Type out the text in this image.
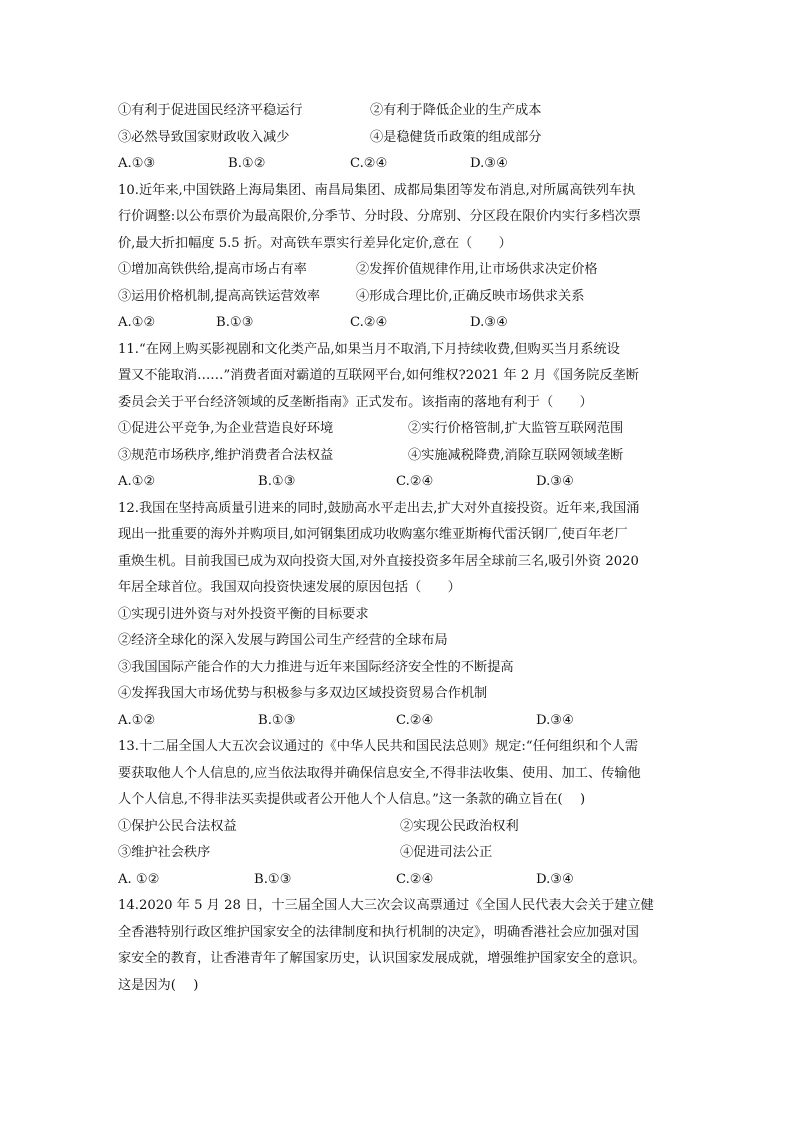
①有利于促进国民经济平稳运行	②有利于降低企业的生产成本
③必然导致国家财政收入减少	④是稳健货币政策的组成部分
A.①③	B.①②	C.②④	D.③④
10.近年来,中国铁路上海局集团、南昌局集团、成都局集团等发布消息,对所属高铁列车执
行价调整:以公布票价为最高限价,分季节、分时段、分席别、分区段在限价内实行多档次票
价,最大折扣幅度 5.5 折。对高铁车票实行差异化定价,意在（　　）
①增加高铁供给,提高市场占有率	②发挥价值规律作用,让市场供求决定价格
③运用价格机制,提高高铁运营效率	④形成合理比价,正确反映市场供求关系
A.①②	B.①③	C.②④	D.③④
11.“在网上购买影视剧和文化类产品,如果当月不取消,下月持续收费,但购买当月系统设
置又不能取消……”消费者面对霸道的互联网平台,如何维权?2021 年 2 月《国务院反垄断
委员会关于平台经济领域的反垄断指南》正式发布。该指南的落地有利于（　　）
①促进公平竞争,为企业营造良好环境	②实行价格管制,扩大监管互联网范围
③规范市场秩序,维护消费者合法权益	④实施减税降费,消除互联网领域垄断
A.①②	B.①③	C.②④	D.③④
12.我国在坚持高质量引进来的同时,鼓励高水平走出去,扩大对外直接投资。近年来,我国涌
现出一批重要的海外并购项目,如河钢集团成功收购塞尔维亚斯梅代雷沃钢厂,使百年老厂
重焕生机。目前我国已成为双向投资大国,对外直接投资多年居全球前三名,吸引外资 2020
年居全球首位。我国双向投资快速发展的原因包括（　　）
①实现引进外资与对外投资平衡的目标要求
②经济全球化的深入发展与跨国公司生产经营的全球布局
③我国国际产能合作的大力推进与近年来国际经济安全性的不断提高
④发挥我国大市场优势与积极参与多双边区域投资贸易合作机制
A.①②	B.①③	C.②④	D.③④
13.十二届全国人大五次会议通过的《中华人民共和国民法总则》规定:“任何组织和个人需
要获取他人个人信息的,应当依法取得并确保信息安全,不得非法收集、使用、加工、传输他
人个人信息,不得非法买卖提供或者公开他人个人信息。”这一条款的确立旨在(　 )
①保护公民合法权益	②实现公民政治权利
③维护社会秩序	④促进司法公正
A. ①②	B.①③	C.②④	D.③④
14.2020 年 5 月 28 日，十三届全国人大三次会议高票通过《全国人民代表大会关于建立健
全香港特别行政区维护国家安全的法律制度和执行机制的决定》，明确香港社会应加强对国
家安全的教育，让香港青年了解国家历史，认识国家发展成就，增强维护国家安全的意识。
这是因为(　 )
